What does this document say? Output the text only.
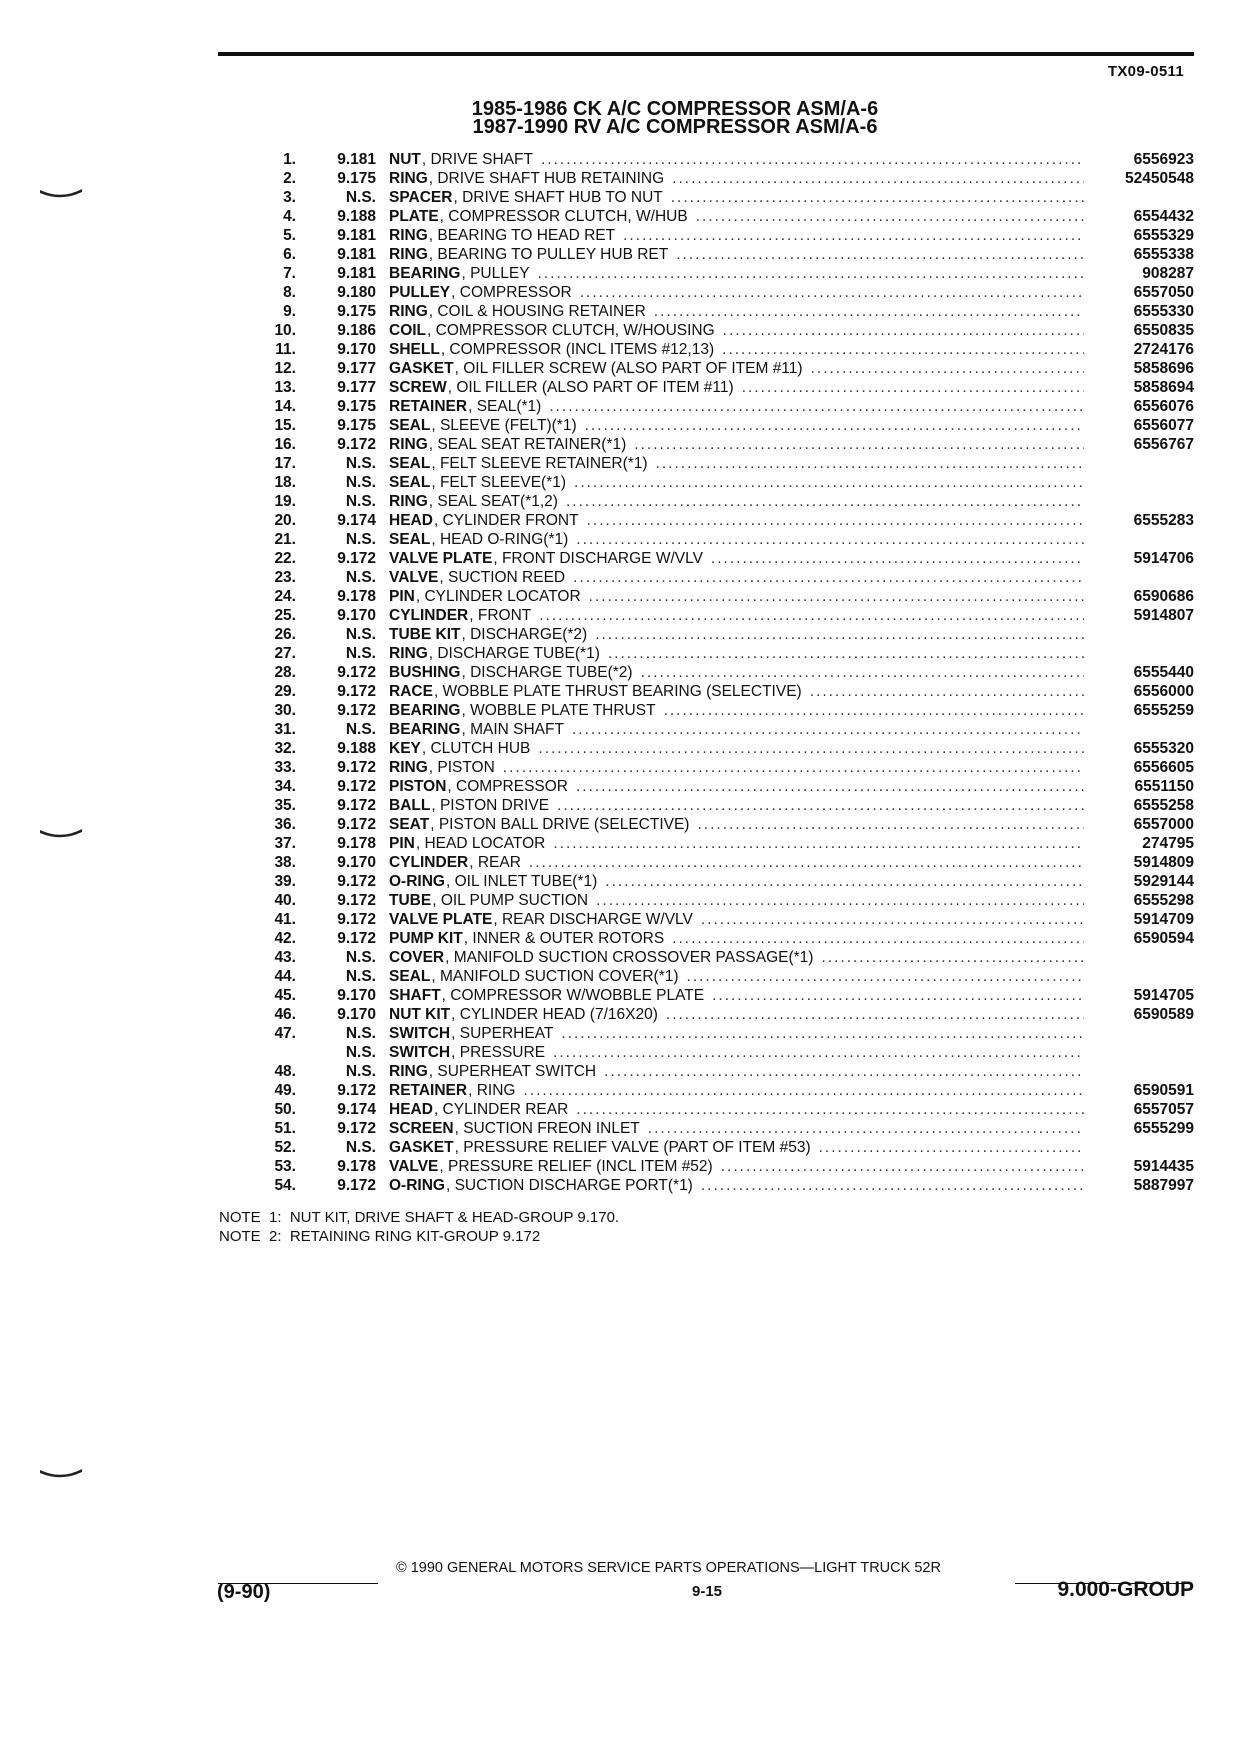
TX09-0511
1985-1986 CK A/C COMPRESSOR ASM/A-6
1987-1990 RV A/C COMPRESSOR ASM/A-6
1.	9.181 NUT , DRIVE SHAFT .....	6556923
2.	9.175 RING , DRIVE SHAFT HUB RETAINING .....	52450548
3.	N.S. SPACER , DRIVE SHAFT HUB TO NUT
.....
4.	9.188 PLATE , COMPRESSOR CLUTCH, W/HUB .....	6554432
5.	9.181 RING , BEARING TO HEAD RET .....	6555329
6.	9.181 RING , BEARING TO PULLEY HUB RET .....	6555338
7.	9.181 BEARING , PULLEY .....	908287
8.	9.180 PULLEY , COMPRESSOR .....	6557050
9.	9.175 RING , COIL & HOUSING RETAINER .....	6555330
10.	9.186 COIL , COMPRESSOR CLUTCH, W/HOUSING .....	6550835
11.	9.170 SHELL , COMPRESSOR (INCL ITEMS #12,13) .....	2724176
12.	9.177 GASKET , OIL FILLER SCREW (ALSO PART OF ITEM #11) .....	5858696
13.	9.177 SCREW , OIL FILLER (ALSO PART OF ITEM #11) .....	5858694
14.	9.175 RETAINER , SEAL(*1) .....	6556076
15.	9.175 SEAL , SLEEVE (FELT)(*1) .....	6556077
16.	9.172 RING , SEAL SEAT RETAINER(*1) .....	6556767
17.	N.S. SEAL , FELT SLEEVE RETAINER(*1)
.....
18.	N.S. SEAL , FELT SLEEVE(*1)
.....
19.	N.S. RING , SEAL SEAT(*1,2)
.....
20.	9.174 HEAD , CYLINDER FRONT .....	6555283
21.	N.S. SEAL , HEAD O-RING(*1)
.....
22.	9.172 VALVE PLATE , FRONT DISCHARGE W/VLV .....	5914706
23.	N.S. VALVE , SUCTION REED
.....
24.	9.178 PIN , CYLINDER LOCATOR .....	6590686
25.	9.170 CYLINDER , FRONT .....	5914807
26.	N.S. TUBE KIT , DISCHARGE(*2)
.....
27.	N.S. RING , DISCHARGE TUBE(*1)
.....
28.	9.172 BUSHING , DISCHARGE TUBE(*2) .....	6555440
29.	9.172 RACE , WOBBLE PLATE THRUST BEARING (SELECTIVE) .....	6556000
30.	9.172 BEARING , WOBBLE PLATE THRUST .....	6555259
31.	N.S. BEARING , MAIN SHAFT
.....
32.	9.188 KEY , CLUTCH HUB .....	6555320
33.	9.172 RING , PISTON .....	6556605
34.	9.172 PISTON , COMPRESSOR .....	6551150
35.	9.172 BALL , PISTON DRIVE .....	6555258
36.	9.172 SEAT , PISTON BALL DRIVE (SELECTIVE) .....	6557000
37.	9.178 PIN , HEAD LOCATOR .....	274795
38.	9.170 CYLINDER , REAR .....	5914809
39.	9.172 O-RING , OIL INLET TUBE(*1) .....	5929144
40.	9.172 TUBE , OIL PUMP SUCTION .....	6555298
41.	9.172 VALVE PLATE , REAR DISCHARGE W/VLV .....	5914709
42.	9.172 PUMP KIT , INNER & OUTER ROTORS .....	6590594
43.	N.S. COVER , MANIFOLD SUCTION CROSSOVER PASSAGE(*1)
.....
44.	N.S. SEAL , MANIFOLD SUCTION COVER(*1)
.....
45.	9.170 SHAFT , COMPRESSOR W/WOBBLE PLATE .....	5914705
46.	9.170 NUT KIT , CYLINDER HEAD (7/16X20) .....	6590589
47.	N.S. SWITCH , SUPERHEAT
.....
N.S. SWITCH , PRESSURE
.....
48.	N.S. RING , SUPERHEAT SWITCH
.....
49.	9.172 RETAINER , RING .....	6590591
50.	9.174 HEAD , CYLINDER REAR .....	6557057
51.	9.172 SCREEN , SUCTION FREON INLET .....	6555299
52.	N.S. GASKET , PRESSURE RELIEF VALVE (PART OF ITEM #53)
.....
53.	9.178 VALVE , PRESSURE RELIEF (INCL ITEM #52) .....	5914435
54.	9.172 O-RING , SUCTION DISCHARGE PORT(*1) .....	5887997
NOTE  1:  NUT KIT, DRIVE SHAFT & HEAD-GROUP 9.170.
NOTE  2:  RETAINING RING KIT-GROUP 9.172
© 1990 GENERAL MOTORS SERVICE PARTS OPERATIONS—LIGHT TRUCK 52R
(9-90)	9-15	9.000-GROUP
